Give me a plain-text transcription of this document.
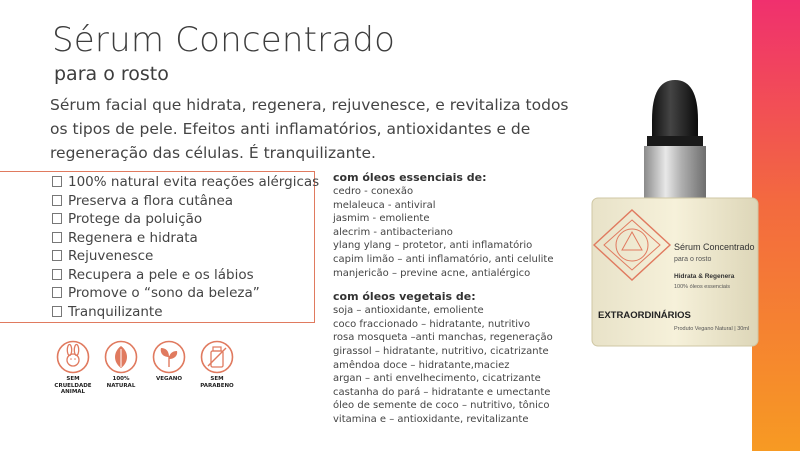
Sérum Concentrado
para o rosto
Sérum facial que hidrata, regenera, rejuvenesce, e revitaliza todos os tipos de pele. Efeitos anti inflamatórios, antioxidantes e de regeneração das células. É tranquilizante.
100% natural evita reações alérgicas
Preserva a flora cutânea
Protege da poluição
Regenera e hidrata
Rejuvenesce
Recupera a pele e os lábios
Promove o “sono da beleza”
Tranquilizante
SEM
CRUELDADE
ANIMAL
100%
NATURAL
VEGANO	SEM
PARABENO
com óleos essenciais de:
cedro - conexão
melaleuca - antiviral
jasmim - emoliente
alecrim - antibacteriano
ylang ylang – protetor, anti inflamatório
capim limão – anti inflamatório, anti celulite
manjericão – previne acne, antialérgico
com óleos vegetais de:
soja – antioxidante, emoliente
coco fraccionado – hidratante, nutritivo
rosa mosqueta –anti manchas, regeneração
girassol – hidratante, nutritivo, cicatrizante
amêndoa doce – hidratante,maciez
argan – anti envelhecimento, cicatrizante
castanha do pará – hidratante e umectante
óleo de semente de coco – nutritivo, tônico
vitamina e – antioxidante, revitalizante
Sérum Concentrado
para o rosto
Hidrata & Regenera
100% óleos essenciais
EXTRAORDINÁRIOS
Produto Vegano Natural | 30ml
